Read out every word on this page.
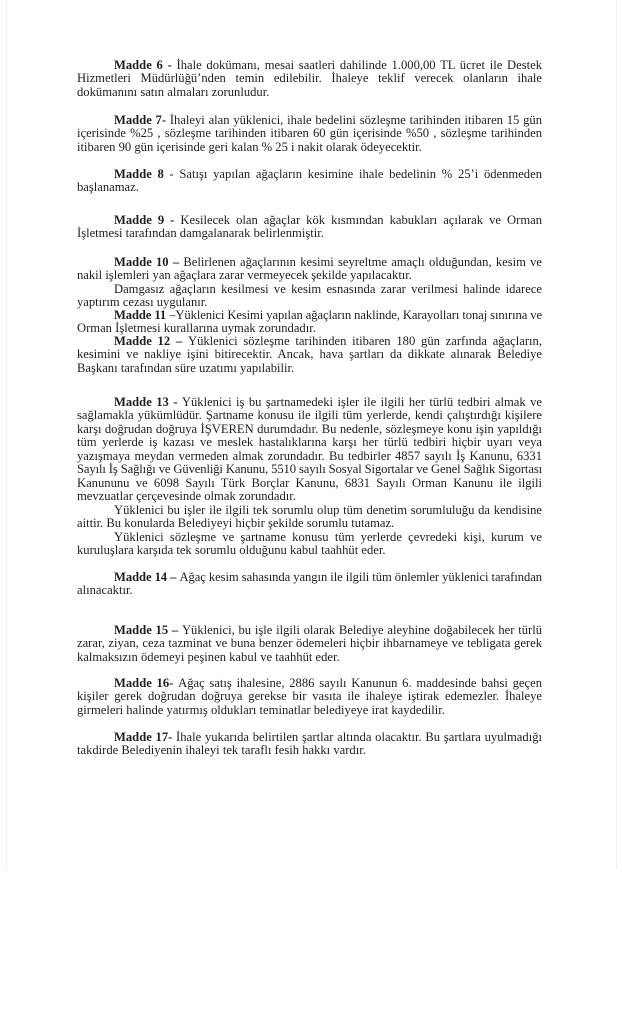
Madde 6 - İhale dokümanı, mesai saatleri dahilinde 1.000,00 TL ücret ile Destek
Hizmetleri Müdürlüğü’nden temin edilebilir. İhaleye teklif verecek olanların ihale
dokümanını satın almaları zorunludur.
Madde 7- İhaleyi alan yüklenici, ihale bedelini sözleşme tarihinden itibaren 15 gün
içerisinde %25 , sözleşme tarihinden itibaren 60 gün içerisinde %50 , sözleşme tarihinden
itibaren 90 gün içerisinde geri kalan % 25 i nakit olarak ödeyecektir.
Madde 8 - Satışı yapılan ağaçların kesimine ihale bedelinin % 25’i ödenmeden
başlanamaz.
Madde 9 - Kesilecek olan ağaçlar kök kısmından kabukları açılarak ve Orman
İşletmesi tarafından damgalanarak belirlenmiştir.
Madde 10 – Belirlenen ağaçlarının kesimi seyreltme amaçlı olduğundan, kesim ve
nakil işlemleri yan ağaçlara zarar vermeyecek şekilde yapılacaktır.
Damgasız ağaçların kesilmesi ve kesim esnasında zarar verilmesi halinde idarece
yaptırım cezası uygulanır.
Madde 11 –Yüklenici Kesimi yapılan ağaçların naklinde, Karayolları tonaj sınırına ve
Orman İşletmesi kurallarına uymak zorundadır.
Madde 12 – Yüklenici sözleşme tarihinden itibaren 180 gün zarfında ağaçların,
kesimini ve nakliye işini bitirecektir. Ancak, hava şartları da dikkate alınarak Belediye
Başkanı tarafından süre uzatımı yapılabilir.
Madde 13 - Yüklenici iş bu şartnamedeki işler ile ilgili her türlü tedbiri almak ve
sağlamakla yükümlüdür. Şartname konusu ile ilgili tüm yerlerde, kendi çalıştırdığı kişilere
karşı doğrudan doğruya İŞVEREN durumdadır. Bu nedenle, sözleşmeye konu işin yapıldığı
tüm yerlerde iş kazası ve meslek hastalıklarına karşı her türlü tedbiri hiçbir uyarı veya
yazışmaya meydan vermeden almak zorundadır. Bu tedbirler 4857 sayılı İş Kanunu, 6331
Sayılı İş Sağlığı ve Güvenliği Kanunu, 5510 sayılı Sosyal Sigortalar ve Genel Sağlık Sigortası
Kanununu ve 6098 Sayılı Türk Borçlar Kanunu, 6831 Sayılı Orman Kanunu ile ilgili
mevzuatlar çerçevesinde olmak zorundadır.
Yüklenici bu işler ile ilgili tek sorumlu olup tüm denetim sorumluluğu da kendisine
aittir. Bu konularda Belediyeyi hiçbir şekilde sorumlu tutamaz.
Yüklenici sözleşme ve şartname konusu tüm yerlerde çevredeki kişi, kurum ve
kuruluşlara karşıda tek sorumlu olduğunu kabul taahhüt eder.
Madde 14 – Ağaç kesim sahasında yangın ile ilgili tüm önlemler yüklenici tarafından
alınacaktır.
Madde 15 – Yüklenici, bu işle ilgili olarak Belediye aleyhine doğabilecek her türlü
zarar, ziyan, ceza tazminat ve buna benzer ödemeleri hiçbir ihbarnameye ve tebligata gerek
kalmaksızın ödemeyi peşinen kabul ve taahhüt eder.
Madde 16- Ağaç satış ihalesine, 2886 sayılı Kanunun 6. maddesinde bahsi geçen
kişiler gerek doğrudan doğruya gerekse bir vasıta ile ihaleye iştirak edemezler. İhaleye
girmeleri halinde yatırmış oldukları teminatlar belediyeye irat kaydedilir.
Madde 17- İhale yukarıda belirtilen şartlar altında olacaktır. Bu şartlara uyulmadığı
takdirde Belediyenin ihaleyi tek taraflı fesih hakkı vardır.
